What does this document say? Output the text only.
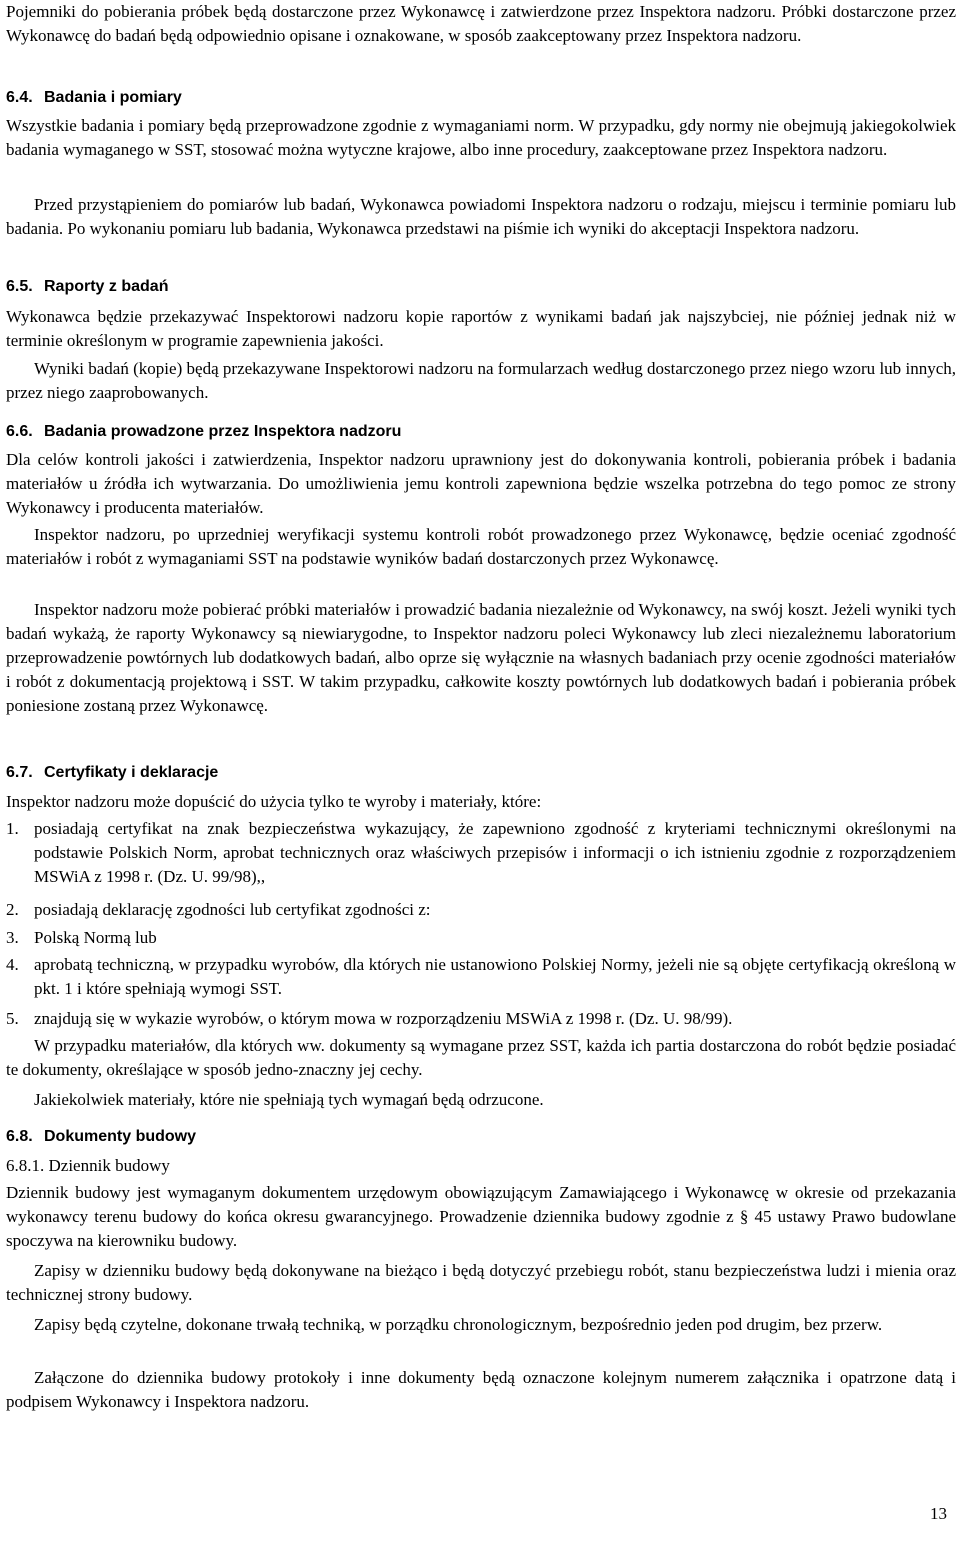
Pojemniki do pobierania próbek będą dostarczone przez Wykonawcę i zatwierdzone przez Inspektora nadzoru. Próbki dostarczone przez Wykonawcę do badań będą odpowiednio opisane i oznakowane, w sposób zaakceptowany przez Inspektora nadzoru.

6.4. Badania i pomiary

Wszystkie badania i pomiary będą przeprowadzone zgodnie z wymaganiami norm. W przypadku, gdy normy nie obejmują jakiegokolwiek badania wymaganego w SST, stosować można wytyczne krajowe, albo inne procedury, zaakceptowane przez Inspektora nadzoru.

Przed przystąpieniem do pomiarów lub badań, Wykonawca powiadomi Inspektora nadzoru o rodzaju, miejscu i terminie pomiaru lub badania. Po wykonaniu pomiaru lub badania, Wykonawca przedstawi na piśmie ich wyniki do akceptacji Inspektora nadzoru.

6.5. Raporty z badań

Wykonawca będzie przekazywać Inspektorowi nadzoru kopie raportów z wynikami badań jak najszybciej, nie później jednak niż w terminie określonym w programie zapewnienia jakości.

Wyniki badań (kopie) będą przekazywane Inspektorowi nadzoru na formularzach według dostarczonego przez niego wzoru lub innych, przez niego zaaprobowanych.

6.6. Badania prowadzone przez Inspektora nadzoru

Dla celów kontroli jakości i zatwierdzenia, Inspektor nadzoru uprawniony jest do dokonywania kontroli, pobierania próbek i badania materiałów u źródła ich wytwarzania. Do umożliwienia jemu kontroli zapewniona będzie wszelka potrzebna do tego pomoc ze strony Wykonawcy i producenta materiałów.

Inspektor nadzoru, po uprzedniej weryfikacji systemu kontroli robót prowadzonego przez Wykonawcę, będzie oceniać zgodność materiałów i robót z wymaganiami SST na podstawie wyników badań dostarczonych przez Wykonawcę.

Inspektor nadzoru może pobierać próbki materiałów i prowadzić badania niezależnie od Wykonawcy, na swój koszt. Jeżeli wyniki tych badań wykażą, że raporty Wykonawcy są niewiarygodne, to Inspektor nadzoru poleci Wykonawcy lub zleci niezależnemu laboratorium przeprowadzenie powtórnych lub dodatkowych badań, albo oprze się wyłącznie na własnych badaniach przy ocenie zgodności materiałów i robót z dokumentacją projektową i SST. W takim przypadku, całkowite koszty powtórnych lub dodatkowych badań i pobierania próbek poniesione zostaną przez Wykonawcę.

6.7. Certyfikaty i deklaracje

Inspektor nadzoru może dopuścić do użycia tylko te wyroby i materiały, które:

1. posiadają certyfikat na znak bezpieczeństwa wykazujący, że zapewniono zgodność z kryteriami technicznymi określonymi na podstawie Polskich Norm, aprobat technicznych oraz właściwych przepisów i informacji o ich istnieniu zgodnie z rozporządzeniem MSWiA z 1998 r. (Dz. U. 99/98),,
2. posiadają deklarację zgodności lub certyfikat zgodności z:
3. Polską Normą lub
4. aprobatą techniczną, w przypadku wyrobów, dla których nie ustanowiono Polskiej Normy, jeżeli nie są objęte certyfikacją określoną w pkt. 1 i które spełniają wymogi SST.
5. znajdują się w wykazie wyrobów, o którym mowa w rozporządzeniu MSWiA z 1998 r. (Dz. U. 98/99).

W przypadku materiałów, dla których ww. dokumenty są wymagane przez SST, każda ich partia dostarczona do robót będzie posiadać te dokumenty, określające w sposób jedno-znaczny jej cechy.

Jakiekolwiek materiały, które nie spełniają tych wymagań będą odrzucone.

6.8. Dokumenty budowy

6.8.1. Dziennik budowy

Dziennik budowy jest wymaganym dokumentem urzędowym obowiązującym Zamawiającego i Wykonawcę w okresie od przekazania wykonawcy terenu budowy do końca okresu gwarancyjnego. Prowadzenie dziennika budowy zgodnie z § 45 ustawy Prawo budowlane spoczywa na kierowniku budowy.

Zapisy w dzienniku budowy będą dokonywane na bieżąco i będą dotyczyć przebiegu robót, stanu bezpieczeństwa ludzi i mienia oraz technicznej strony budowy.

Zapisy będą czytelne, dokonane trwałą techniką, w porządku chronologicznym, bezpośrednio jeden pod drugim, bez przerw.

Załączone do dziennika budowy protokoły i inne dokumenty będą oznaczone kolejnym numerem załącznika i opatrzone datą i podpisem Wykonawcy i Inspektora nadzoru.

13
